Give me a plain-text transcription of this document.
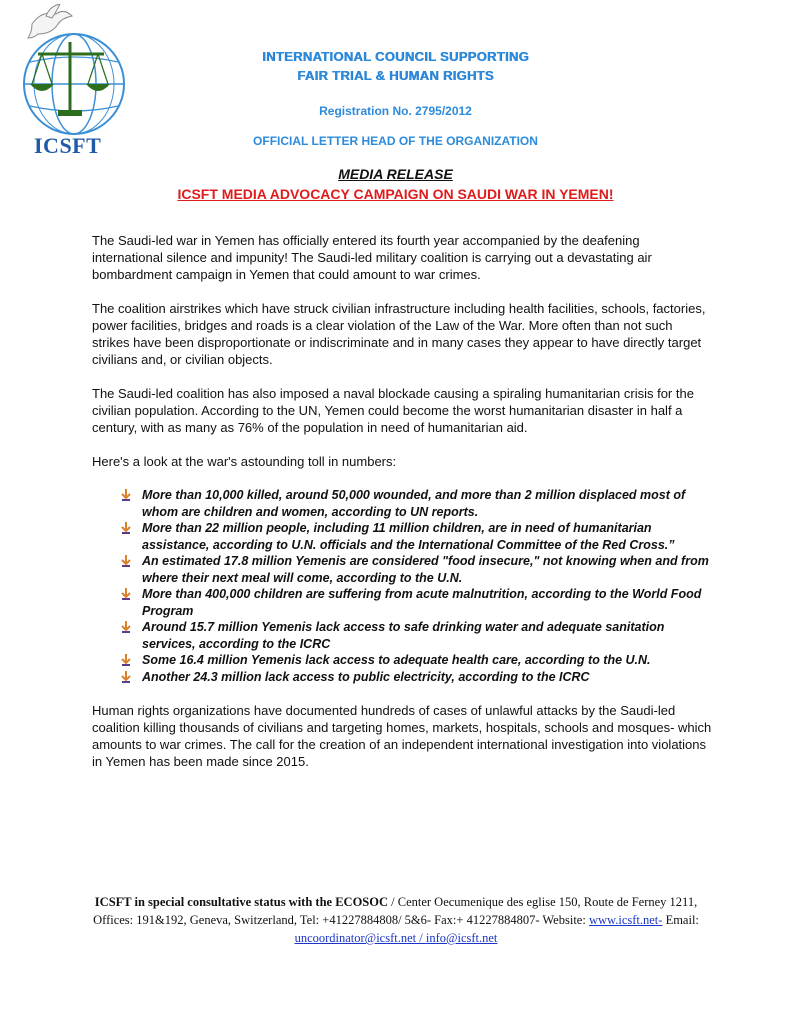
ICSFT
INTERNATIONAL COUNCIL SUPPORTING
FAIR TRIAL & HUMAN RIGHTS
Registration No. 2795/2012
OFFICIAL LETTER HEAD OF THE ORGANIZATION
MEDIA RELEASE
ICSFT MEDIA ADVOCACY CAMPAIGN ON SAUDI WAR IN YEMEN!

The Saudi-led war in Yemen has officially entered its fourth year accompanied by the deafening international silence and impunity! The Saudi-led military coalition is carrying out a devastating air bombardment campaign in Yemen that could amount to war crimes.

The coalition airstrikes which have struck civilian infrastructure including health facilities, schools, factories, power facilities, bridges and roads is a clear violation of the Law of the War. More often than not such strikes have been disproportionate or indiscriminate and in many cases they appear to have directly target civilians and, or civilian objects.

The Saudi-led coalition has also imposed a naval blockade causing a spiraling humanitarian crisis for the civilian population. According to the UN, Yemen could become the worst humanitarian disaster in half a century, with as many as 76% of the population in need of humanitarian aid.

Here's a look at the war's astounding toll in numbers:

More than 10,000 killed, around 50,000 wounded, and more than 2 million displaced most of whom are children and women, according to UN reports.
More than 22 million people, including 11 million children, are in need of humanitarian assistance, according to U.N. officials and the International Committee of the Red Cross.”
An estimated 17.8 million Yemenis are considered "food insecure," not knowing when and from where their next meal will come, according to the U.N.
More than 400,000 children are suffering from acute malnutrition, according to the World Food Program
Around 15.7 million Yemenis lack access to safe drinking water and adequate sanitation services, according to the ICRC
Some 16.4 million Yemenis lack access to adequate health care, according to the U.N.
Another 24.3 million lack access to public electricity, according to the ICRC

Human rights organizations have documented hundreds of cases of unlawful attacks by the Saudi-led coalition killing thousands of civilians and targeting homes, markets, hospitals, schools and mosques- which amounts to war crimes. The call for the creation of an independent international investigation into violations in Yemen has been made since 2015.

ICSFT in special consultative status with the ECOSOC / Center Oecumenique des eglise 150, Route de Ferney 1211, Offices: 191&192, Geneva, Switzerland, Tel: +41227884808/ 5&6- Fax:+ 41227884807- Website: www.icsft.net- Email: uncoordinator@icsft.net / info@icsft.net
